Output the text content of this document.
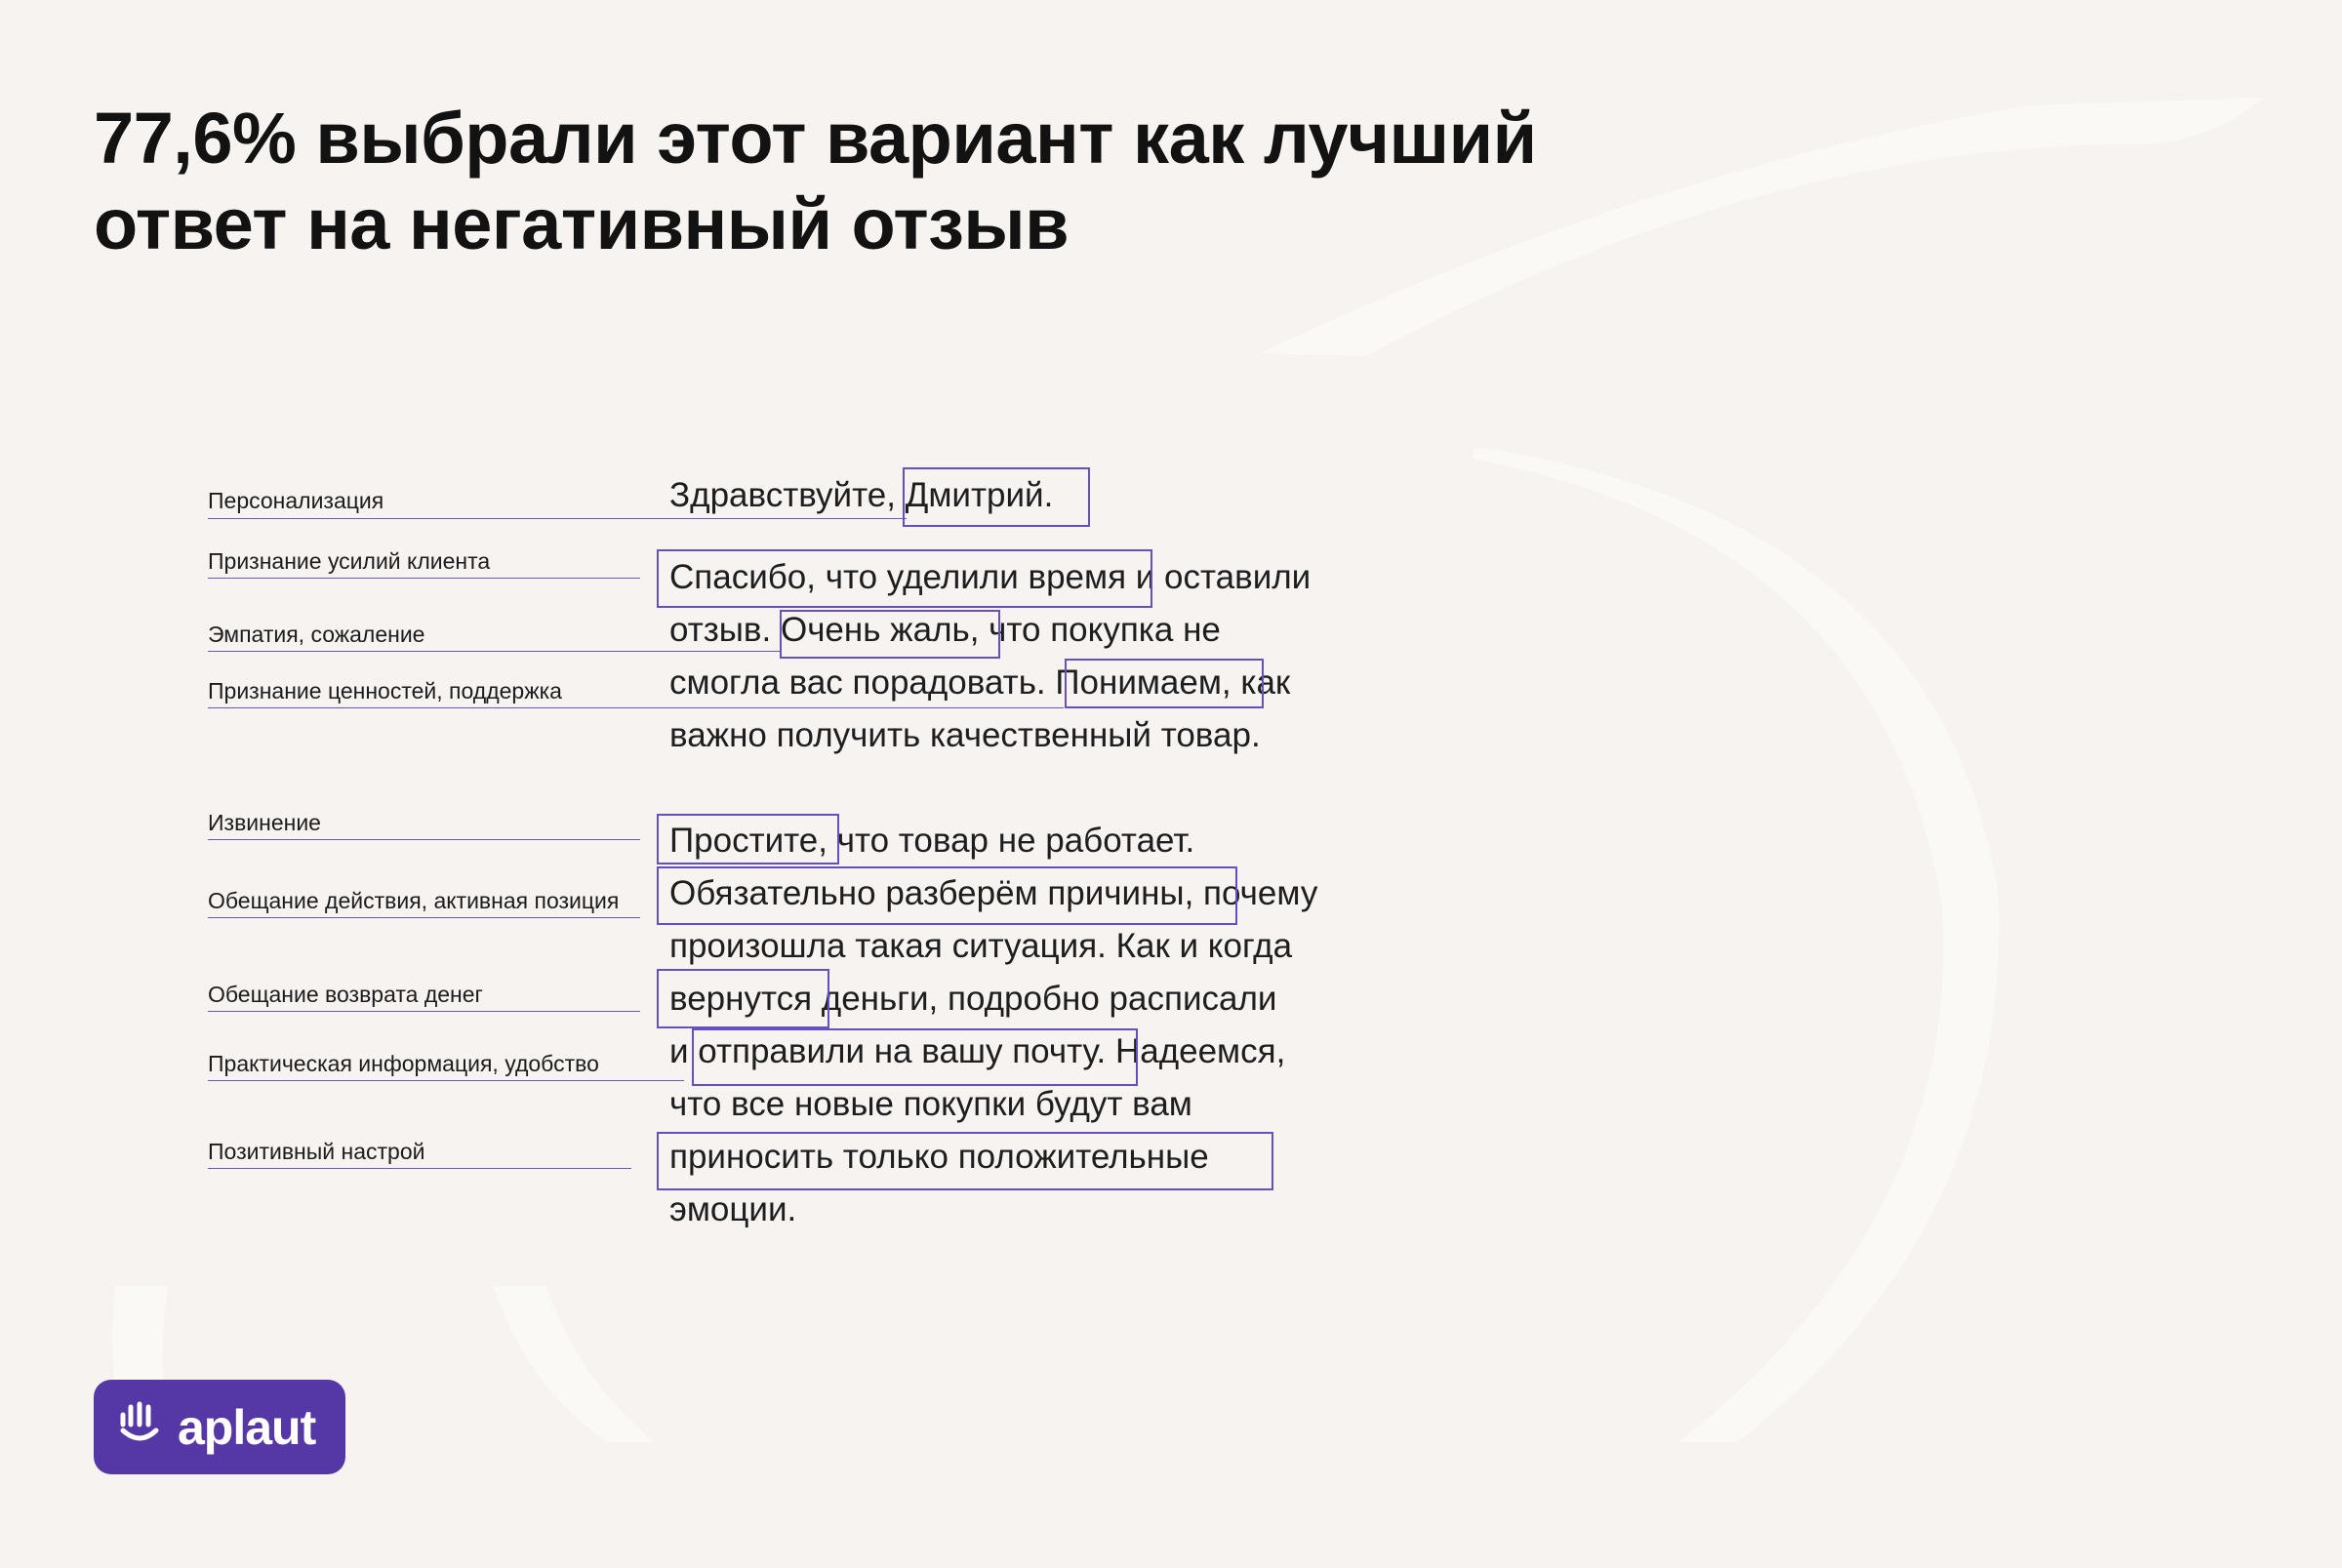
77,6% выбрали этот вариант как лучший
ответ на негативный отзыв
Персонализация
Признание усилий клиента
Эмпатия, сожаление
Признание ценностей, поддержка
Извинение
Обещание действия, активная позиция
Обещание возврата денег
Практическая информация, удобство
Позитивный настрой
Здравствуйте, Дмитрий.
Спасибо, что уделили время и оставили
отзыв. Очень жаль, что покупка не
смогла вас порадовать. Понимаем, как
важно получить качественный товар.
Простите, что товар не работает.
Обязательно разберём причины, почему
произошла такая ситуация. Как и когда
вернутся деньги, подробно расписали
и отправили на вашу почту. Надеемся,
что все новые покупки будут вам
приносить только положительные
эмоции.
aplaut
